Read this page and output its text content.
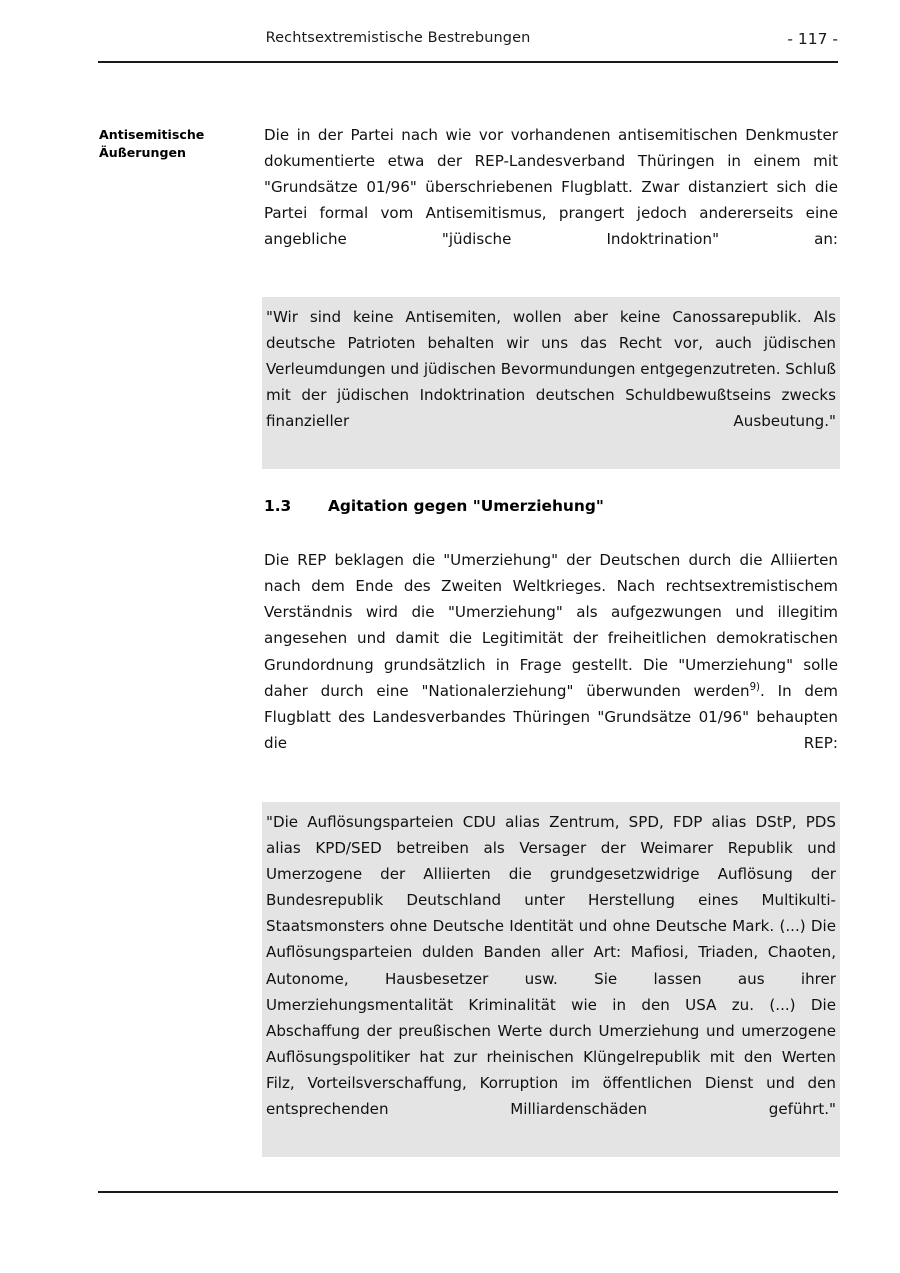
Rechtsextremistische Bestrebungen	- 117 -
Antisemitische
Äußerungen

Die in der Partei nach wie vor vorhandenen antisemitischen Denkmuster dokumentierte etwa der REP-Landesverband Thüringen in einem mit "Grundsätze 01/96" überschriebenen Flugblatt. Zwar distanziert sich die Partei formal vom Antisemitismus, prangert jedoch andererseits eine angebliche "jüdische Indoktrination" an:

"Wir sind keine Antisemiten, wollen aber keine Canossarepublik. Als deutsche Patrioten behalten wir uns das Recht vor, auch jüdischen Verleumdungen und jüdischen Bevormundungen entgegenzutreten. Schluß mit der jüdischen Indoktrination deutschen Schuldbewußtseins zwecks finanzieller Ausbeutung."

1.3 Agitation gegen "Umerziehung"

Die REP beklagen die "Umerziehung" der Deutschen durch die Alliierten nach dem Ende des Zweiten Weltkrieges. Nach rechtsextremistischem Verständnis wird die "Umerziehung" als aufgezwungen und illegitim angesehen und damit die Legitimität der freiheitlichen demokratischen Grundordnung grundsätzlich in Frage gestellt. Die "Umerziehung" solle daher durch eine "Nationalerziehung" überwunden werden$^{9)}$. In dem Flugblatt des Landesverbandes Thüringen "Grundsätze 01/96" behaupten die REP:

"Die Auflösungsparteien CDU alias Zentrum, SPD, FDP alias DStP, PDS alias KPD/SED betreiben als Versager der Weimarer Republik und Umerzogene der Alliierten die grundgesetzwidrige Auflösung der Bundesrepublik Deutschland unter Herstellung eines Multikulti-Staatsmonsters ohne Deutsche Identität und ohne Deutsche Mark. (...) Die Auflösungsparteien dulden Banden aller Art: Mafiosi, Triaden, Chaoten, Autonome, Hausbesetzer usw. Sie lassen aus ihrer Umerziehungsmentalität Kriminalität wie in den USA zu. (...) Die Abschaffung der preußischen Werte durch Umerziehung und umerzogene Auflösungspolitiker hat zur rheinischen Klüngelrepublik mit den Werten Filz, Vorteilsverschaffung, Korruption im öffentlichen Dienst und den entsprechenden Milliardenschäden geführt."
